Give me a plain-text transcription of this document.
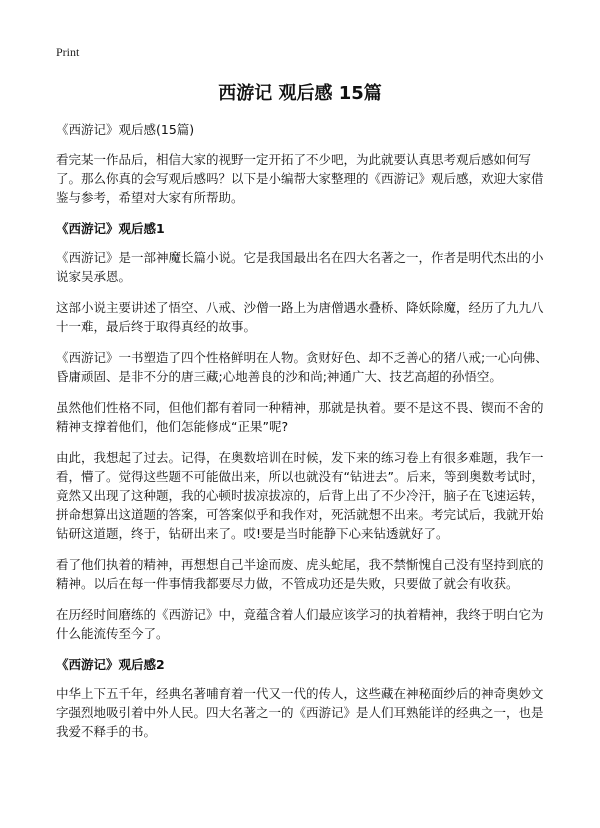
Print
西游记 观后感 15篇

《西游记》观后感(15篇)

看完某一作品后，相信大家的视野一定开拓了不少吧，为此就要认真思考观后感如何写了。那么你真的会写观后感吗？以下是小编帮大家整理的《西游记》观后感，欢迎大家借鉴与参考，希望对大家有所帮助。

《西游记》观后感1

《西游记》是一部神魔长篇小说。它是我国最出名在四大名著之一，作者是明代杰出的小说家吴承恩。

这部小说主要讲述了悟空、八戒、沙僧一路上为唐僧遇水叠桥、降妖除魔，经历了九九八十一难，最后终于取得真经的故事。

《西游记》一书塑造了四个性格鲜明在人物。贪财好色、却不乏善心的猪八戒;一心向佛、昏庸顽固、是非不分的唐三藏;心地善良的沙和尚;神通广大、技艺高超的孙悟空。

虽然他们性格不同，但他们都有着同一种精神，那就是执着。要不是这不畏、锲而不舍的精神支撑着他们，他们怎能修成“正果”呢?

由此，我想起了过去。记得，在奥数培训在时候，发下来的练习卷上有很多难题，我乍一看，懵了。觉得这些题不可能做出来，所以也就没有“钻进去”。后来，等到奥数考试时，竟然又出现了这种题，我的心顿时拔凉拔凉的，后背上出了不少冷汗，脑子在飞速运转，拼命想算出这道题的答案，可答案似乎和我作对，死活就想不出来。考完试后，我就开始钻研这道题，终于，钻研出来了。哎!要是当时能静下心来钻透就好了。

看了他们执着的精神，再想想自己半途而废、虎头蛇尾，我不禁惭愧自己没有坚持到底的精神。以后在每一件事情我都要尽力做，不管成功还是失败，只要做了就会有收获。

在历经时间磨练的《西游记》中，竟蕴含着人们最应该学习的执着精神，我终于明白它为什么能流传至今了。

《西游记》观后感2

中华上下五千年，经典名著哺育着一代又一代的传人，这些藏在神秘面纱后的神奇奥妙文字强烈地吸引着中外人民。四大名著之一的《西游记》是人们耳熟能详的经典之一，也是我爱不释手的书。
